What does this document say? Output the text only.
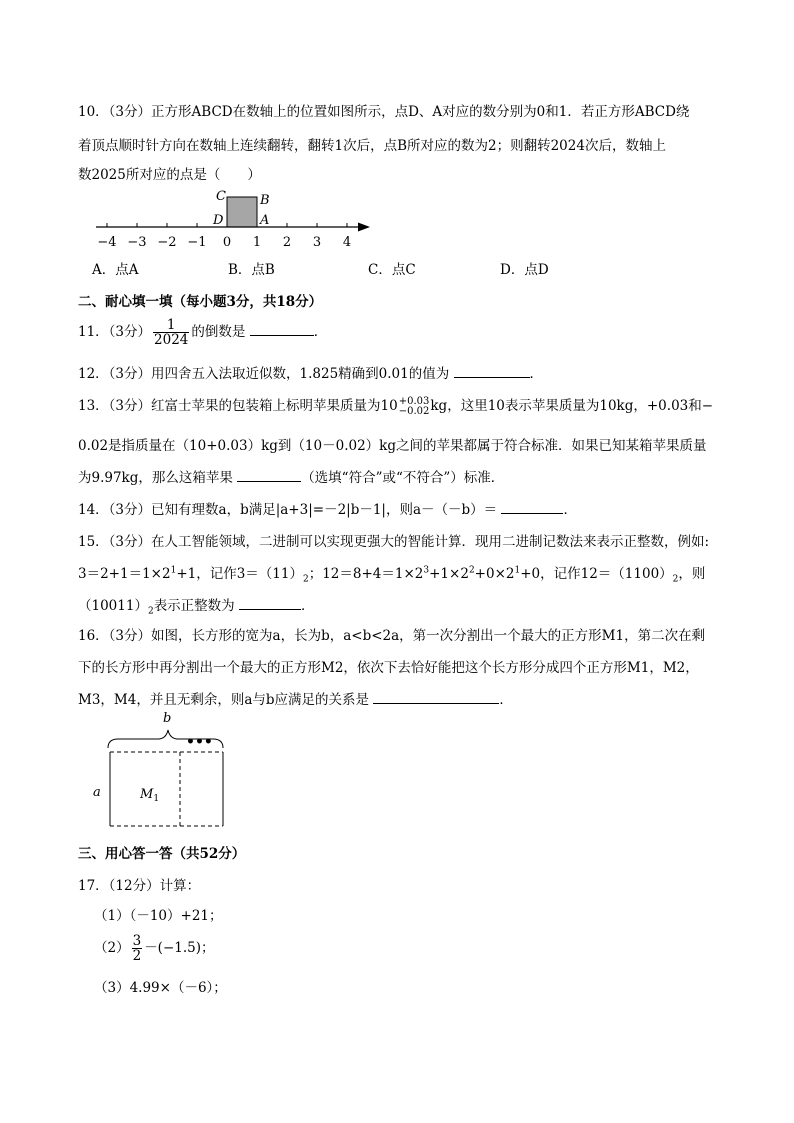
10．（3分）正方形ABCD在数轴上的位置如图所示，点D、A对应的数分别为0和1．若正方形ABCD绕
着顶点顺时针方向在数轴上连续翻转，翻转1次后，点B所对应的数为2；则翻转2024次后，数轴上
数2025所对应的点是（　　）
−4 −3 −2 −1 0 1 2 3 4
C	B
D	A
A．点A	B．点B	C．点C	D．点D
二、耐心填一填（每小题3分，共18分）
11．（3分） $\frac{1}{2024}$ 的倒数是	．
12．（3分）用四舍五入法取近似数，1.825精确到0.01的值为	．
13．（3分）红富士苹果的包装箱上标明苹果质量为10 +0.03
−0.02 kg，这里10表示苹果质量为10kg，+0.03和−
0.02是指质量在（10+0.03）kg到（10－0.02）kg之间的苹果都属于符合标准．如果已知某箱苹果质量
为9.97kg，那么这箱苹果	（选填“符合”或“不符合”）标准．
14．（3分）已知有理数a，b满足|a+3|=－2|b－1|，则a－（－b）＝	．
15．（3分）在人工智能领域，二进制可以实现更强大的智能计算．现用二进制记数法来表示正整数，例如:
$3=2+1=1\times 2^1+1$，记作$3=(11)_2$；$12=8+4=1\times 2^3+1\times 2^2+0\times 2^1+0$，记作$12=(1100)_2$，则
$(10011)_2$表示正整数为	．
16．（3分）如图，长方形的宽为a，长为b，a<b<2a，第一次分割出一个最大的正方形M1，第二次在剩
下的长方形中再分割出一个最大的正方形M2，依次下去恰好能把这个长方形分成四个正方形M1，M2，
M3，M4，并且无剩余，则a与b应满足的关系是	．
b
•••
a	$M_1$
三、用心答一答（共52分）
17．（12分）计算：
（1）（－10）+21；
$(2) \frac{3}{2} -(-1.5)$；
（3）4.99×（－6）；
